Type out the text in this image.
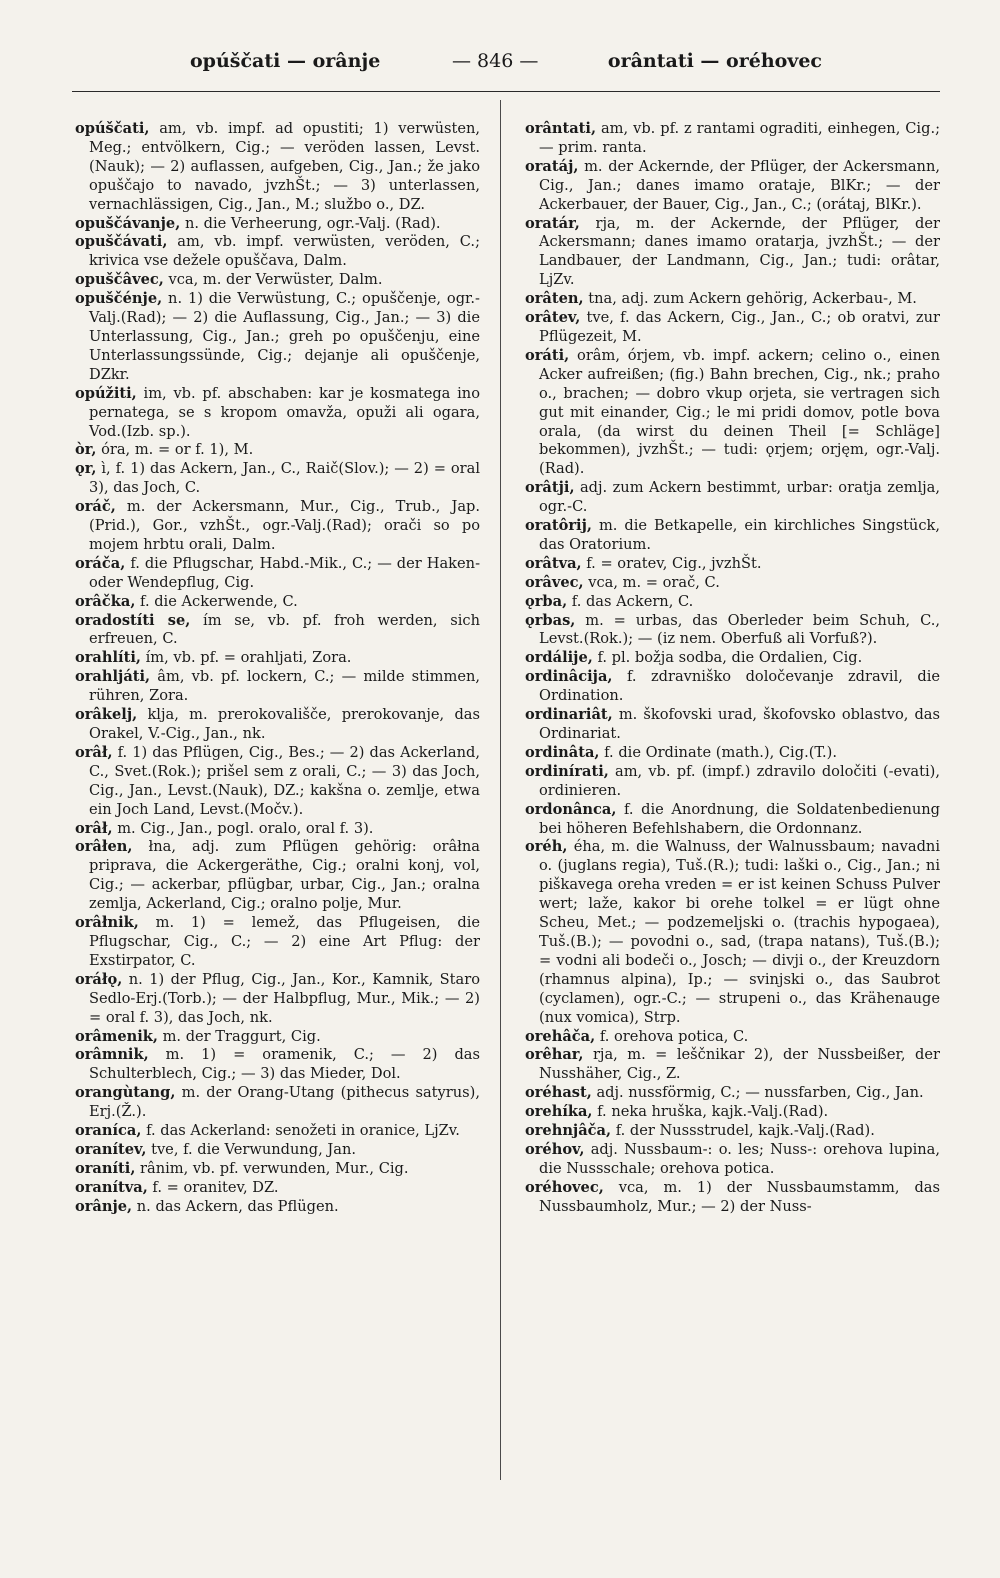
opúščati — orânje	— 846 —	orântati — oréhovec

opúščati, am, vb. impf. ad opustiti; 1) verwüsten, Meg.; entvölkern, Cig.; — veröden lassen, Levst. (Nauk); — 2) auflassen, aufgeben, Cig., Jan.; že jako opuščajo to navado, jvzhŠt.; — 3) unterlassen, vernachlässigen, Cig., Jan., M.; službo o., DZ.

opuščávanje, n. die Verheerung, ogr.-Valj. (Rad).

opuščávati, am, vb. impf. verwüsten, veröden, C.; krivica vse dežele opuščava, Dalm.

opuščâvec, vca, m. der Verwüster, Dalm.

opuščénje, n. 1) die Verwüstung, C.; opuščenje, ogr.-Valj.(Rad); — 2) die Auflassung, Cig., Jan.; — 3) die Unterlassung, Cig., Jan.; greh po opuščenju, eine Unterlassungssünde, Cig.; dejanje ali opuščenje, DZkr.

opúžiti, im, vb. pf. abschaben: kar je kosmatega ino pernatega, se s kropom omavža, opuži ali ogara, Vod.(Izb. sp.).

òr, óra, m. = or f. 1), M.

ǫr, ì, f. 1) das Ackern, Jan., C., Raič(Slov.); — 2) = oral 3), das Joch, C.

oráč, m. der Ackersmann, Mur., Cig., Trub., Jap.(Prid.), Gor., vzhŠt., ogr.-Valj.(Rad); orači so po mojem hrbtu orali, Dalm.

oráča, f. die Pflugschar, Habd.-Mik., C.; — der Haken- oder Wendepflug, Cig.

orâčka, f. die Ackerwende, C.

oradostíti se, ím se, vb. pf. froh werden, sich erfreuen, C.

orahlíti, ím, vb. pf. = orahljati, Zora.

orahljáti, âm, vb. pf. lockern, C.; — milde stimmen, rühren, Zora.

orâkelj, klja, m. prerokovališče, prerokovanje, das Orakel, V.-Cig., Jan., nk.

orâł, f. 1) das Pflügen, Cig., Bes.; — 2) das Ackerland, C., Svet.(Rok.); prišel sem z orali, C.; — 3) das Joch, Cig., Jan., Levst.(Nauk), DZ.; kakšna o. zemlje, etwa ein Joch Land, Levst.(Močv.).

orâł, m. Cig., Jan., pogl. oralo, oral f. 3).

orâłen, łna, adj. zum Pflügen gehörig: orâłna priprava, die Ackergeräthe, Cig.; oralni konj, vol, Cig.; — ackerbar, pflügbar, urbar, Cig., Jan.; oralna zemlja, Ackerland, Cig.; oralno polje, Mur.

orâłnik, m. 1) = lemež, das Pflugeisen, die Pflugschar, Cig., C.; — 2) eine Art Pflug: der Exstirpator, C.

oráłǫ, n. 1) der Pflug, Cig., Jan., Kor., Kamnik, Staro Sedlo-Erj.(Torb.); — der Halbpflug, Mur., Mik.; — 2) = oral f. 3), das Joch, nk.

orâmenik, m. der Traggurt, Cig.

orâmnik, m. 1) = oramenik, C.; — 2) das Schulterblech, Cig.; — 3) das Mieder, Dol.

orangùtang, m. der Orang-Utang (pithecus satyrus), Erj.(Ž.).

oraníca, f. das Ackerland: senožeti in oranice, LjZv.

oranítev, tve, f. die Verwundung, Jan.

oraníti, rânim, vb. pf. verwunden, Mur., Cig.

oranítva, f. = oranitev, DZ.

orânje, n. das Ackern, das Pflügen.

orântati, am, vb. pf. z rantami ograditi, einhegen, Cig.; — prim. ranta.

oratáj, m. der Ackernde, der Pflüger, der Ackersmann, Cig., Jan.; danes imamo orataje, BlKr.; — der Ackerbauer, der Bauer, Cig., Jan., C.; (orátaj, BlKr.).

oratár, rja, m. der Ackernde, der Pflüger, der Ackersmann; danes imamo oratarja, jvzhŠt.; — der Landbauer, der Landmann, Cig., Jan.; tudi: orâtar, LjZv.

orâten, tna, adj. zum Ackern gehörig, Ackerbau-, M.

orâtev, tve, f. das Ackern, Cig., Jan., C.; ob oratvi, zur Pflügezeit, M.

oráti, orâm, órjem, vb. impf. ackern; celino o., einen Acker aufreißen; (fig.) Bahn brechen, Cig., nk.; praho o., brachen; — dobro vkup orjeta, sie vertragen sich gut mit einander, Cig.; le mi pridi domov, potle bova orala, (da wirst du deinen Theil [= Schläge] bekommen), jvzhŠt.; — tudi: ǫrjem; orjęm, ogr.-Valj.(Rad).

orâtji, adj. zum Ackern bestimmt, urbar: oratja zemlja, ogr.-C.

oratôrij, m. die Betkapelle, ein kirchliches Singstück, das Oratorium.

orâtva, f. = oratev, Cig., jvzhŠt.

orâvec, vca, m. = orač, C.

ǫrba, f. das Ackern, C.

ǫrbas, m. = urbas, das Oberleder beim Schuh, C., Levst.(Rok.); — (iz nem. Oberfuß ali Vorfuß?).

ordálije, f. pl. božja sodba, die Ordalien, Cig.

ordinâcija, f. zdravniško določevanje zdravil, die Ordination.

ordinariât, m. škofovski urad, škofovsko oblastvo, das Ordinariat.

ordinâta, f. die Ordinate (math.), Cig.(T.).

ordinírati, am, vb. pf. (impf.) zdravilo določiti (-evati), ordinieren.

ordonânca, f. die Anordnung, die Soldatenbedienung bei höheren Befehlshabern, die Ordonnanz.

oréh, éha, m. die Walnuss, der Walnussbaum; navadni o. (juglans regia), Tuš.(R.); tudi: laški o., Cig., Jan.; ni piškavega oreha vreden = er ist keinen Schuss Pulver wert; laže, kakor bi orehe tolkel = er lügt ohne Scheu, Met.; — podzemeljski o. (trachis hypogaea), Tuš.(B.); — povodni o., sad, (trapa natans), Tuš.(B.); = vodni ali bodeči o., Josch; — divji o., der Kreuzdorn (rhamnus alpina), Ip.; — svinjski o., das Saubrot (cyclamen), ogr.-C.; — strupeni o., das Krähenauge (nux vomica), Strp.

orehâča, f. orehova potica, C.

orêhar, rja, m. = leščnikar 2), der Nussbeißer, der Nusshäher, Cig., Z.

oréhast, adj. nussförmig, C.; — nussfarben, Cig., Jan.

orehíka, f. neka hruška, kajk.-Valj.(Rad).

orehnjâča, f. der Nussstrudel, kajk.-Valj.(Rad).

oréhov, adj. Nussbaum-: o. les; Nuss-: orehova lupina, die Nussschale; orehova potica.

oréhovec, vca, m. 1) der Nussbaumstamm, das Nussbaumholz, Mur.; — 2) der Nuss-
